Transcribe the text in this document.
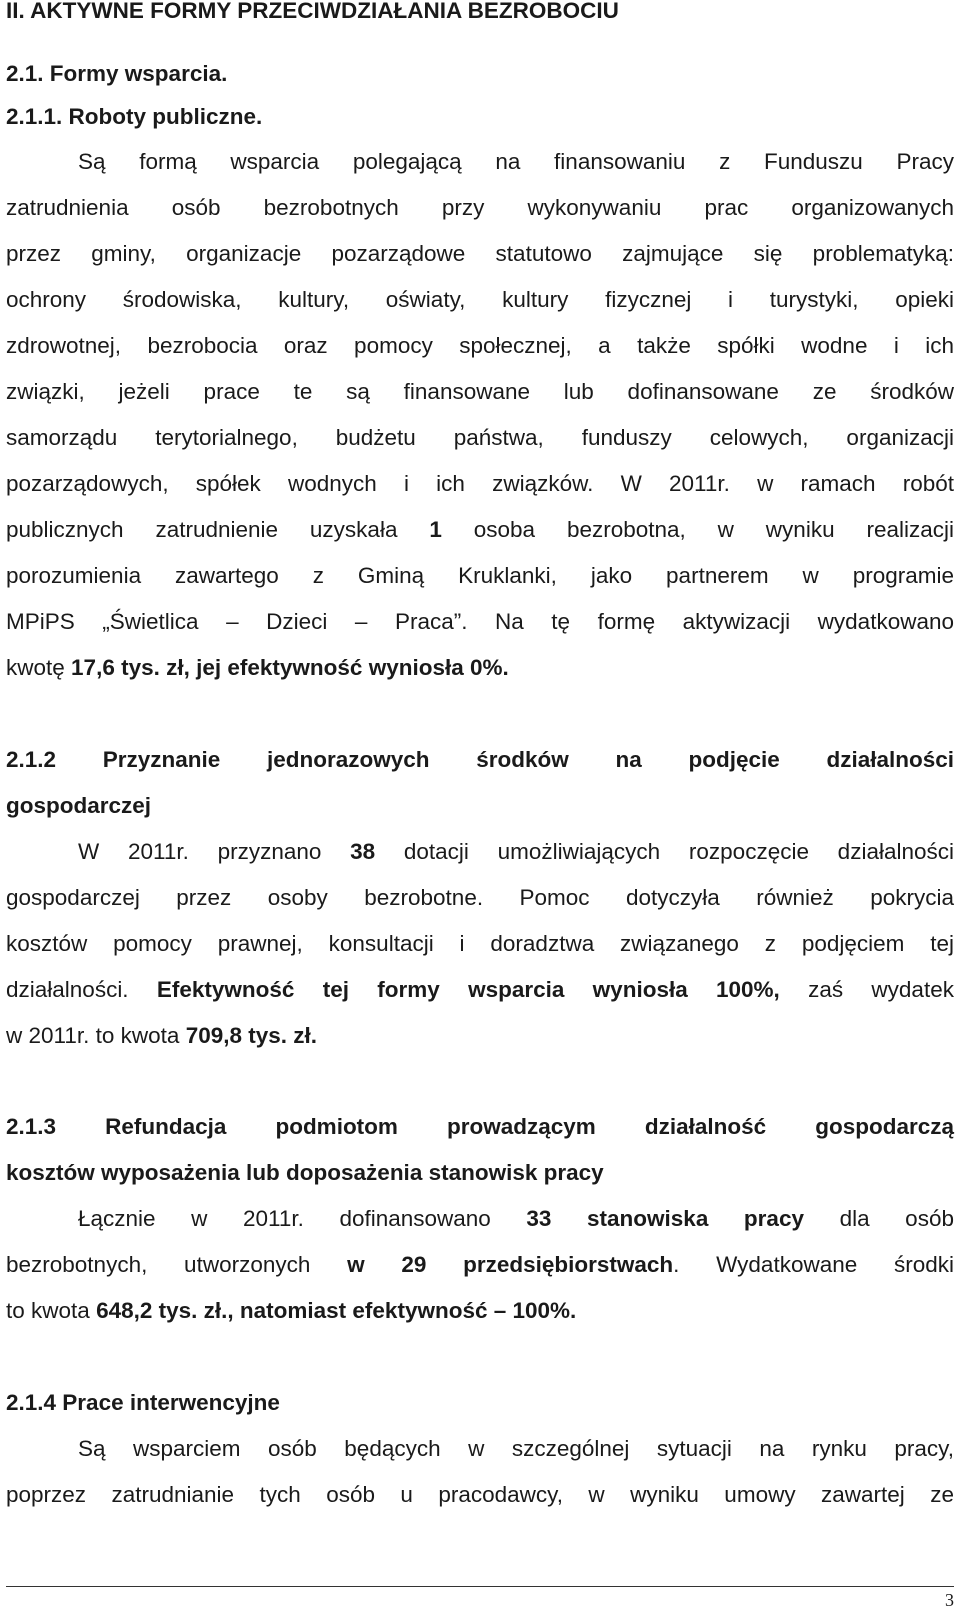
II. AKTYWNE FORMY PRZECIWDZIAŁANIA BEZROBOCIU
2.1. Formy wsparcia.
2.1.1. Roboty publiczne.
Są formą wsparcia polegającą na finansowaniu z Funduszu Pracy
zatrudnienia osób bezrobotnych przy wykonywaniu prac organizowanych
przez gminy, organizacje pozarządowe statutowo zajmujące się problematyką:
ochrony środowiska, kultury, oświaty, kultury fizycznej i turystyki, opieki
zdrowotnej, bezrobocia oraz pomocy społecznej, a także spółki wodne i ich
związki, jeżeli prace te są finansowane lub dofinansowane ze środków
samorządu terytorialnego, budżetu państwa, funduszy celowych, organizacji
pozarządowych, spółek wodnych i ich związków. W 2011r. w ramach robót
publicznych zatrudnienie uzyskała 1 osoba bezrobotna, w wyniku realizacji
porozumienia zawartego z Gminą Kruklanki, jako partnerem w programie
MPiPS „Świetlica – Dzieci – Praca”. Na tę formę aktywizacji wydatkowano
kwotę 17,6 tys. zł, jej efektywność wyniosła 0%.
2.1.2 Przyznanie jednorazowych środków na podjęcie działalności
gospodarczej
W 2011r. przyznano 38 dotacji umożliwiających rozpoczęcie działalności
gospodarczej przez osoby bezrobotne. Pomoc dotyczyła również pokrycia
kosztów pomocy prawnej, konsultacji i doradztwa związanego z podjęciem tej
działalności. Efektywność tej formy wsparcia wyniosła 100%, zaś wydatek
w 2011r. to kwota 709,8 tys. zł.
2.1.3 Refundacja podmiotom prowadzącym działalność gospodarczą
kosztów wyposażenia lub doposażenia stanowisk pracy
Łącznie w 2011r. dofinansowano 33 stanowiska pracy dla osób
bezrobotnych, utworzonych w 29 przedsiębiorstwach. Wydatkowane środki
to kwota 648,2 tys. zł., natomiast efektywność – 100%.
2.1.4 Prace interwencyjne
Są wsparciem osób będących w szczególnej sytuacji na rynku pracy,
poprzez zatrudnianie tych osób u pracodawcy, w wyniku umowy zawartej ze
3
